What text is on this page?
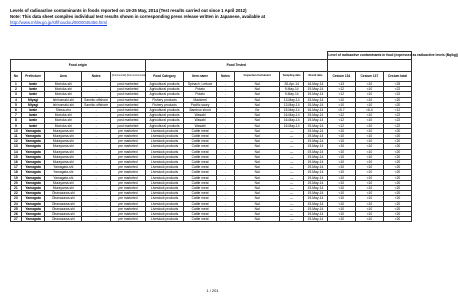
Levels of radioactive contaminants in foods reported on 19-25 May, 2014 (Test results carried out since 1 April 2012)
Note: This data sheet compiles individual test results shown in corresponding press release written in Japanese, available at
http://www.mhlw.go.jp/stf/houdou/0000045456.html
											Level of radioactive contaminants in food (expressed as radioactive levels (Bq/kg))		
Food origin					Food Tested								
No	Prefecture	Area	Notes	(Commercial) (Non-Commercial)	Food Category	Item name	Notes	Inspection Instrument	Sampling date	Result date	Cesium 134	Cesium 137	Cesium total
1	Iwate	Morioka-shi		post marketed	Agricultural products	Spinach, Lettuce	-	NaI	28-Apr-14	16-May-14	<13	<10	<25
2	Iwate	Morioka-shi	-	post marketed	Agricultural products	Potato	-	NaI	9-May-14	19-May-14	<12	<10	<22
3	Iwate	Morioka-shi	-	post marketed	Agricultural products	Potato	-	NaI	9-May-14	19-May-14	<12	<10	<22
4	Miyagi	Ishinomaki-shi	Sanriku offshore	post marketed	Fishery products	Mackerel	-	NaI	13-May-14	15-May-14	<10	<10	<20
5	Miyagi	Ishinomaki-shi	Sanriku offshore	post marketed	Fishery products	Pacific saury	-	NaI	13-May-14	15-May-14	<10	<10	<20
6	Iwate	Shiwa-cho	-	post marketed	Agricultural products	Bamboo shoot	-	Ge	15-May-14	16-May-14	<5.7	<6.4	<12
7	Iwate	Morioka-shi	-	post marketed	Agricultural products	Wasabi	-	NaI	16-May-14	19-May-14	<12	<10	<22
8	Iwate	Morioka-shi	-	post marketed	Agricultural products	Wasabi	-	NaI	16-May-14	19-May-14	<12	<10	<22
9	Iwate	Morioka-shi	-	post marketed	Agricultural products	Wasabi	-	NaI	16-May-14	19-May-14	<12	<10	<22
10	Yamagata	Murayama-shi	-	pre marketed	Livestock products	Cattle meat	-	NaI	—	19-May-14	<10	<10	<20
11	Yamagata	Murayama-shi	-	pre marketed	Livestock products	Cattle meat	-	NaI	—	19-May-14	<10	<10	<20
12	Yamagata	Murayama-shi	-	pre marketed	Livestock products	Cattle meat	-	NaI	—	19-May-14	<10	<10	<20
13	Yamagata	Murayama-shi	-	pre marketed	Livestock products	Cattle meat	-	NaI	—	19-May-14	<10	<10	<20
14	Yamagata	Murayama-shi	-	pre marketed	Livestock products	Cattle meat	-	NaI	—	19-May-14	<10	<10	<20
15	Yamagata	Murayama-shi	-	pre marketed	Livestock products	Cattle meat	-	NaI	—	19-May-14	<10	<10	<20
16	Yamagata	Murayama-shi	-	pre marketed	Livestock products	Cattle meat	-	NaI	—	19-May-14	<10	<10	<20
17	Yamagata	Yamagata-shi	-	pre marketed	Livestock products	Cattle meat	-	NaI	—	19-May-14	<10	<10	<20
18	Yamagata	Yamagata-shi	-	pre marketed	Livestock products	Cattle meat	-	NaI	—	19-May-14	<10	<10	<20
19	Yamagata	Yamagata-shi	-	pre marketed	Livestock products	Cattle meat	-	NaI	—	19-May-14	<10	<10	<20
20	Yamagata	Murayama-shi	-	pre marketed	Livestock products	Cattle meat	-	NaI	—	19-May-14	<10	<10	<20
21	Yamagata	Murayama-shi	-	pre marketed	Livestock products	Cattle meat	-	NaI	—	19-May-14	<10	<10	<20
22	Yamagata	Obanazawa-shi	-	pre marketed	Livestock products	Cattle meat	-	NaI	—	19-May-14	<10	<10	<20
23	Yamagata	Obanazawa-shi	-	pre marketed	Livestock products	Cattle meat	-	NaI	—	19-May-14	<10	<10	<20
24	Yamagata	Obanazawa-shi	-	pre marketed	Livestock products	Cattle meat	-	NaI	—	19-May-14	<10	<10	<20
25	Yamagata	Obanazawa-shi	-	pre marketed	Livestock products	Cattle meat	-	NaI	—	19-May-14	<10	<10	<20
26	Yamagata	Obanazawa-shi	-	pre marketed	Livestock products	Cattle meat	-	NaI	—	19-May-14	<10	<10	<20
27	Yamagata	Obanazawa-shi	-	pre marketed	Livestock products	Cattle meat	-	NaI	—	19-May-14	<10	<10	<20
1 / 201
